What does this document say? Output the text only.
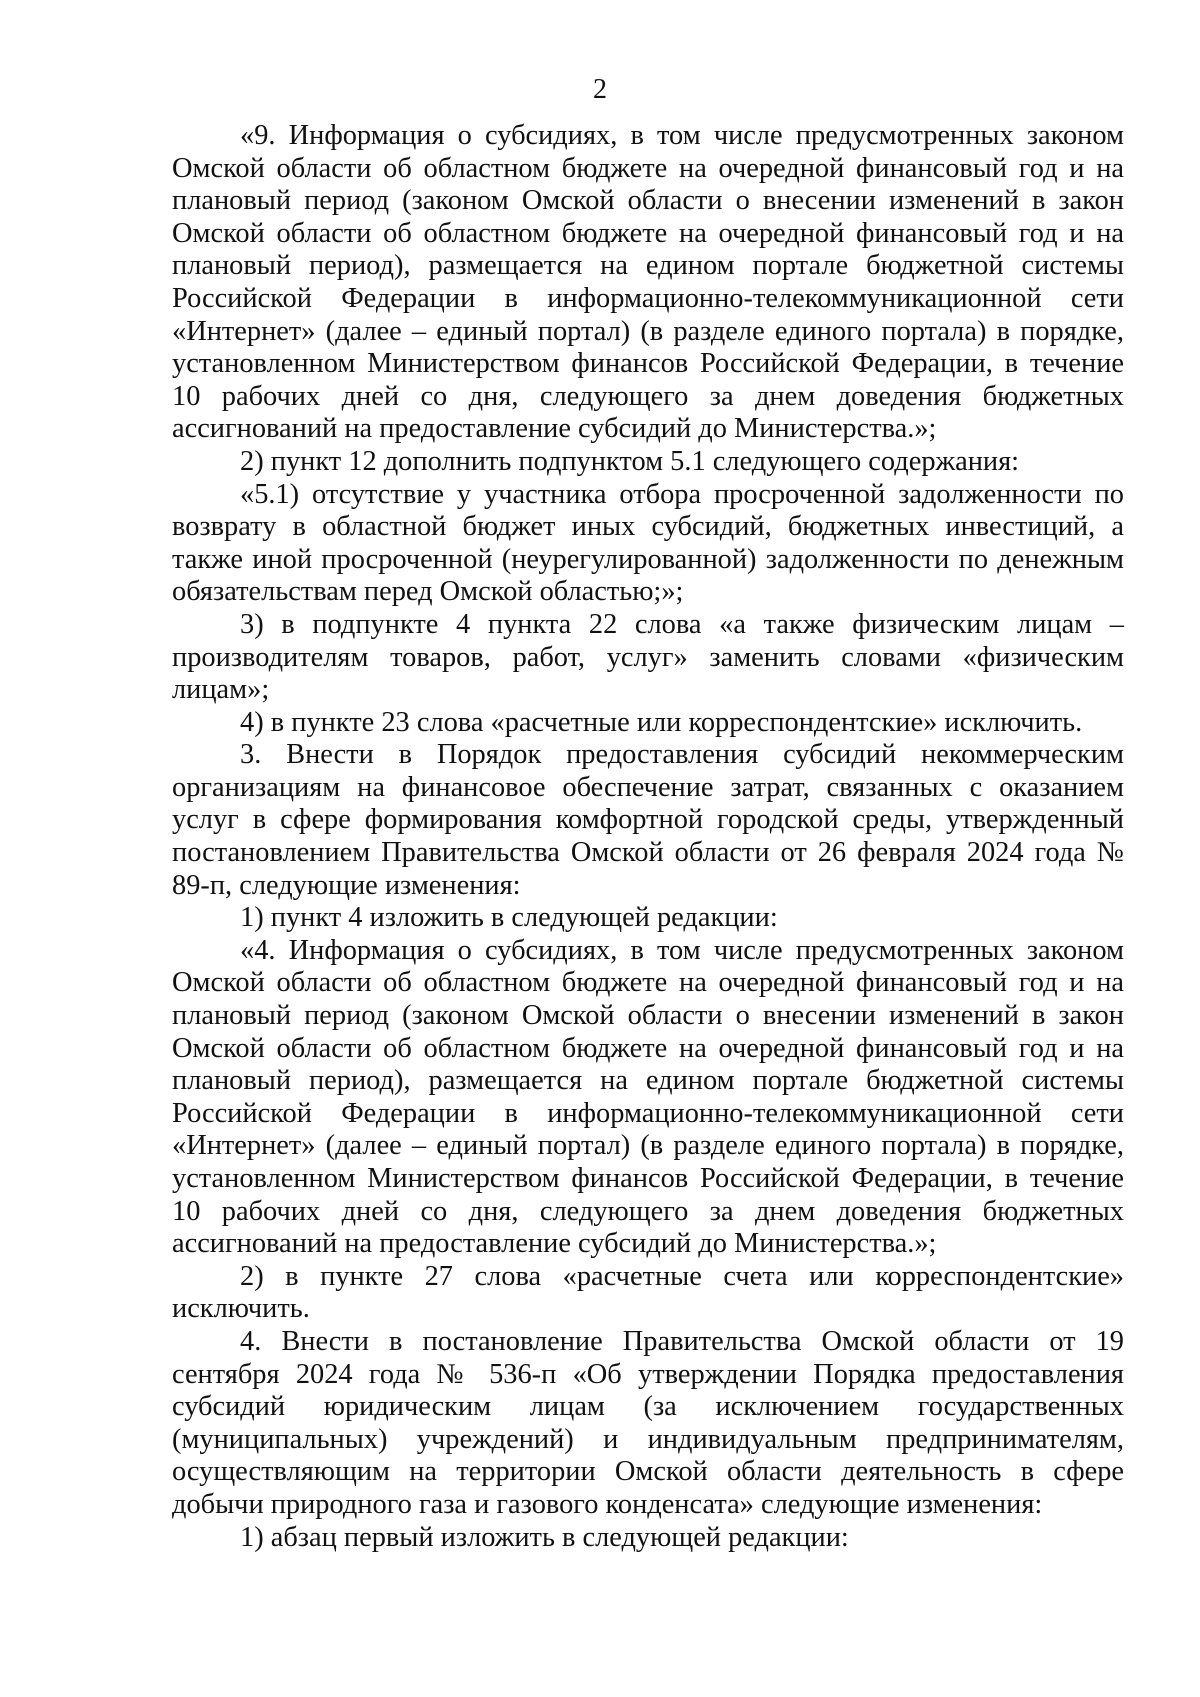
2

«9. Информация о субсидиях, в том числе предусмотренных законом Омской области об областном бюджете на очередной финансовый год и на плановый период (законом Омской области о внесении изменений в закон Омской области об областном бюджете на очередной финансовый год и на плановый период), размещается на едином портале бюджетной системы Российской Федерации в информационно-телекоммуникационной сети «Интернет» (далее – единый портал) (в разделе единого портала) в порядке, установленном Министерством финансов Российской Федерации, в течение 10 рабочих дней со дня, следующего за днем доведения бюджетных ассигнований на предоставление субсидий до Министерства.»;

2) пункт 12 дополнить подпунктом 5.1 следующего содержания:

«5.1) отсутствие у участника отбора просроченной задолженности по возврату в областной бюджет иных субсидий, бюджетных инвестиций, а также иной просроченной (неурегулированной) задолженности по денежным обязательствам перед Омской областью;»;

3) в подпункте 4 пункта 22 слова «а также физическим лицам – производителям товаров, работ, услуг» заменить словами «физическим лицам»;

4) в пункте 23 слова «расчетные или корреспондентские» исключить.

3. Внести в Порядок предоставления субсидий некоммерческим организациям на финансовое обеспечение затрат, связанных с оказанием услуг в сфере формирования комфортной городской среды, утвержденный постановлением Правительства Омской области от 26 февраля 2024 года № 89-п, следующие изменения:

1) пункт 4 изложить в следующей редакции:

«4. Информация о субсидиях, в том числе предусмотренных законом Омской области об областном бюджете на очередной финансовый год и на плановый период (законом Омской области о внесении изменений в закон Омской области об областном бюджете на очередной финансовый год и на плановый период), размещается на едином портале бюджетной системы Российской Федерации в информационно-телекоммуникационной сети «Интернет» (далее – единый портал) (в разделе единого портала) в порядке, установленном Министерством финансов Российской Федерации, в течение 10 рабочих дней со дня, следующего за днем доведения бюджетных ассигнований на предоставление субсидий до Министерства.»;

2) в пункте 27 слова «расчетные счета или корреспондентские» исключить.

4. Внести в постановление Правительства Омской области от 19 сентября 2024 года № 536-п «Об утверждении Порядка предоставления субсидий юридическим лицам (за исключением государственных (муниципальных) учреждений) и индивидуальным предпринимателям, осуществляющим на территории Омской области деятельность в сфере добычи природного газа и газового конденсата» следующие изменения:

1) абзац первый изложить в следующей редакции:
